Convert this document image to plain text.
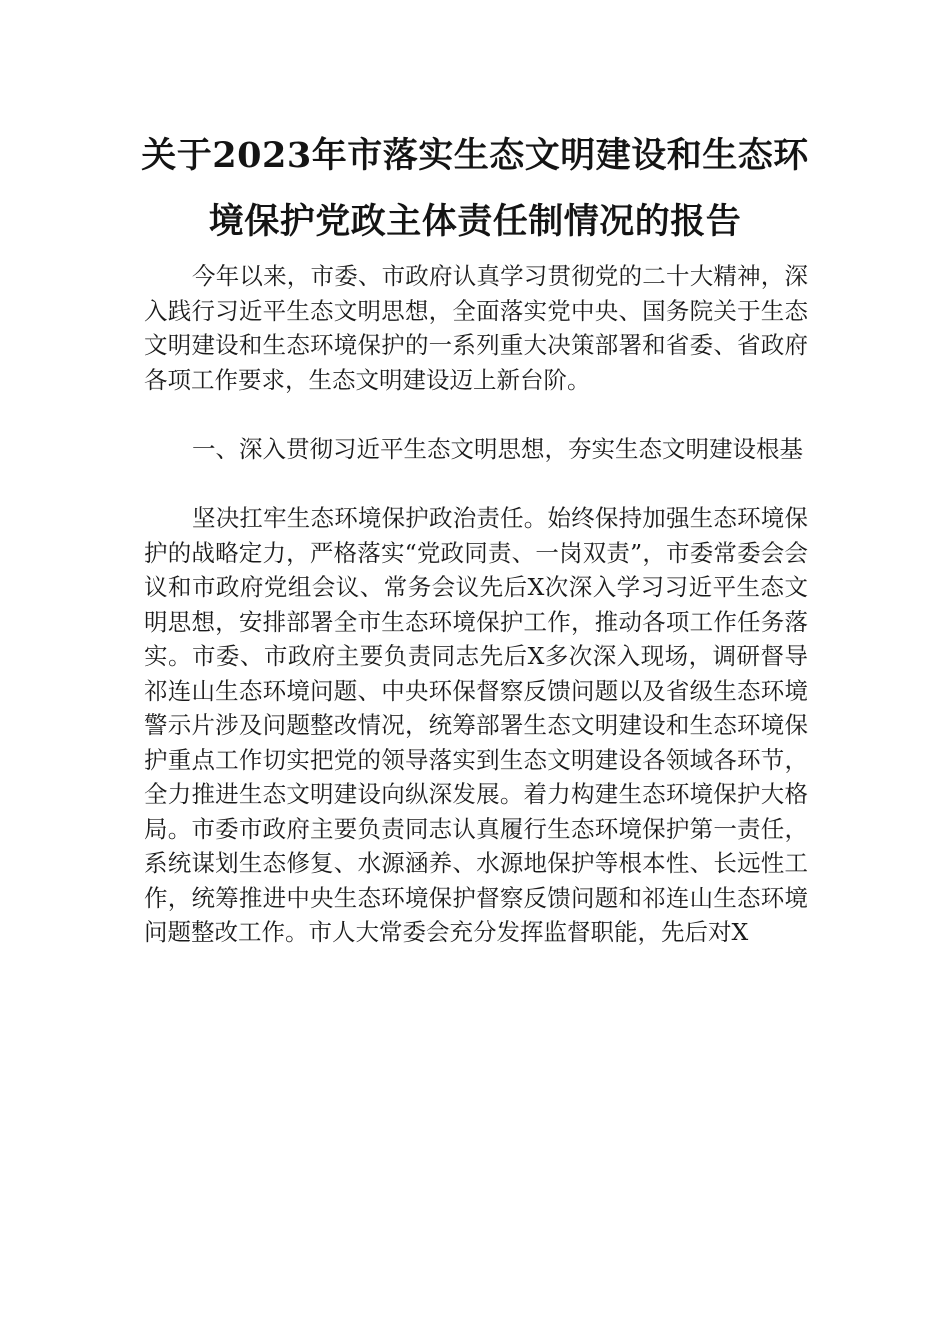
关于2023年市落实生态文明建设和生态环
境保护党政主体责任制情况的报告

今年以来，市委、市政府认真学习贯彻党的二十大精神，深入践行习近平生态文明思想，全面落实党中央、国务院关于生态文明建设和生态环境保护的一系列重大决策部署和省委、省政府各项工作要求，生态文明建设迈上新台阶。

一、深入贯彻习近平生态文明思想，夯实生态文明建设根基

坚决扛牢生态环境保护政治责任。始终保持加强生态环境保护的战略定力，严格落实“党政同责、一岗双责”，市委常委会会议和市政府党组会议、常务会议先后X次深入学习习近平生态文明思想，安排部署全市生态环境保护工作，推动各项工作任务落实。市委、市政府主要负责同志先后X多次深入现场，调研督导祁连山生态环境问题、中央环保督察反馈问题以及省级生态环境警示片涉及问题整改情况，统筹部署生态文明建设和生态环境保护重点工作切实把党的领导落实到生态文明建设各领域各环节，全力推进生态文明建设向纵深发展。着力构建生态环境保护大格局。市委市政府主要负责同志认真履行生态环境保护第一责任，系统谋划生态修复、水源涵养、水源地保护等根本性、长远性工作，统筹推进中央生态环境保护督察反馈问题和祁连山生态环境问题整改工作。市人大常委会充分发挥监督职能，先后对X
